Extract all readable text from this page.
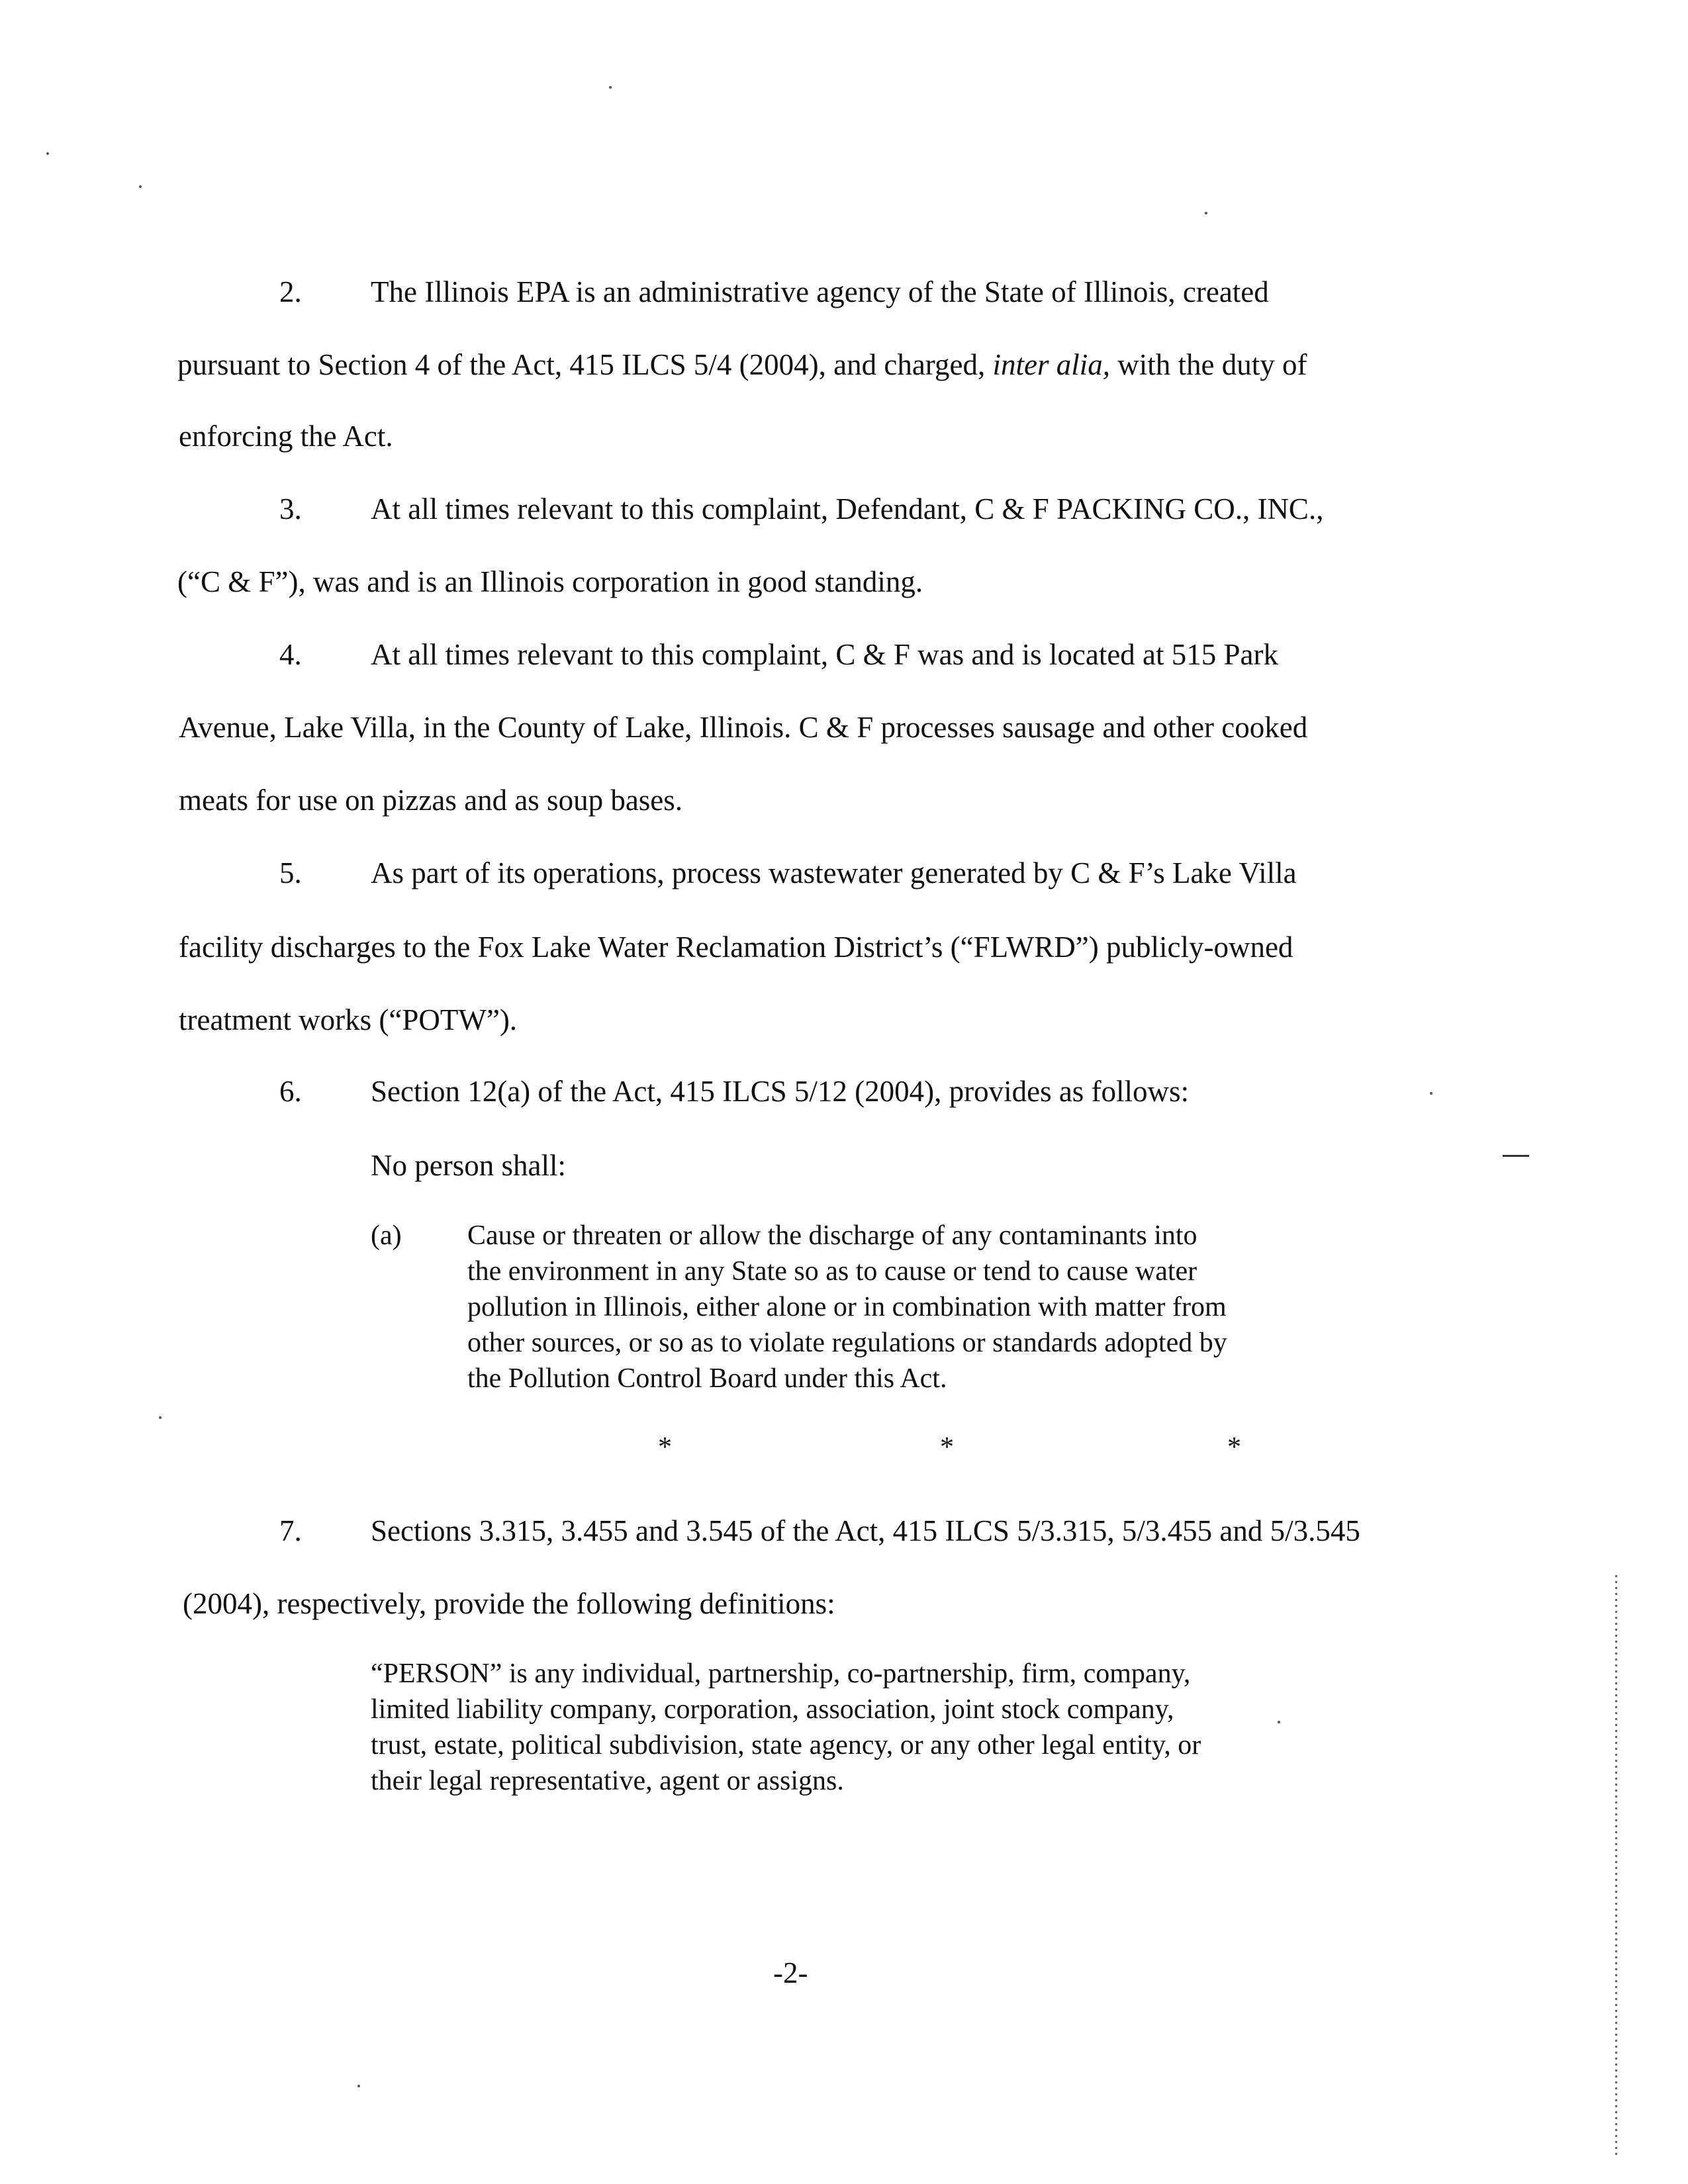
2. The Illinois EPA is an administrative agency of the State of Illinois, created
pursuant to Section 4 of the Act, 415 ILCS 5/4 (2004), and charged, inter alia, with the duty of
enforcing the Act.
3. At all times relevant to this complaint, Defendant, C & F PACKING CO., INC.,
(“C & F”), was and is an Illinois corporation in good standing.
4. At all times relevant to this complaint, C & F was and is located at 515 Park
Avenue, Lake Villa, in the County of Lake, Illinois. C & F processes sausage and other cooked
meats for use on pizzas and as soup bases.
5. As part of its operations, process wastewater generated by C & F’s Lake Villa
facility discharges to the Fox Lake Water Reclamation District’s (“FLWRD”) publicly-owned
treatment works (“POTW”).
6. Section 12(a) of the Act, 415 ILCS 5/12 (2004), provides as follows:
No person shall:
(a) Cause or threaten or allow the discharge of any contaminants into
the environment in any State so as to cause or tend to cause water
pollution in Illinois, either alone or in combination with matter from
other sources, or so as to violate regulations or standards adopted by
the Pollution Control Board under this Act.
*	*	*
7. Sections 3.315, 3.455 and 3.545 of the Act, 415 ILCS 5/3.315, 5/3.455 and 5/3.545
(2004), respectively, provide the following definitions:
“PERSON” is any individual, partnership, co-partnership, firm, company,
limited liability company, corporation, association, joint stock company,
trust, estate, political subdivision, state agency, or any other legal entity, or
their legal representative, agent or assigns.
-2-
